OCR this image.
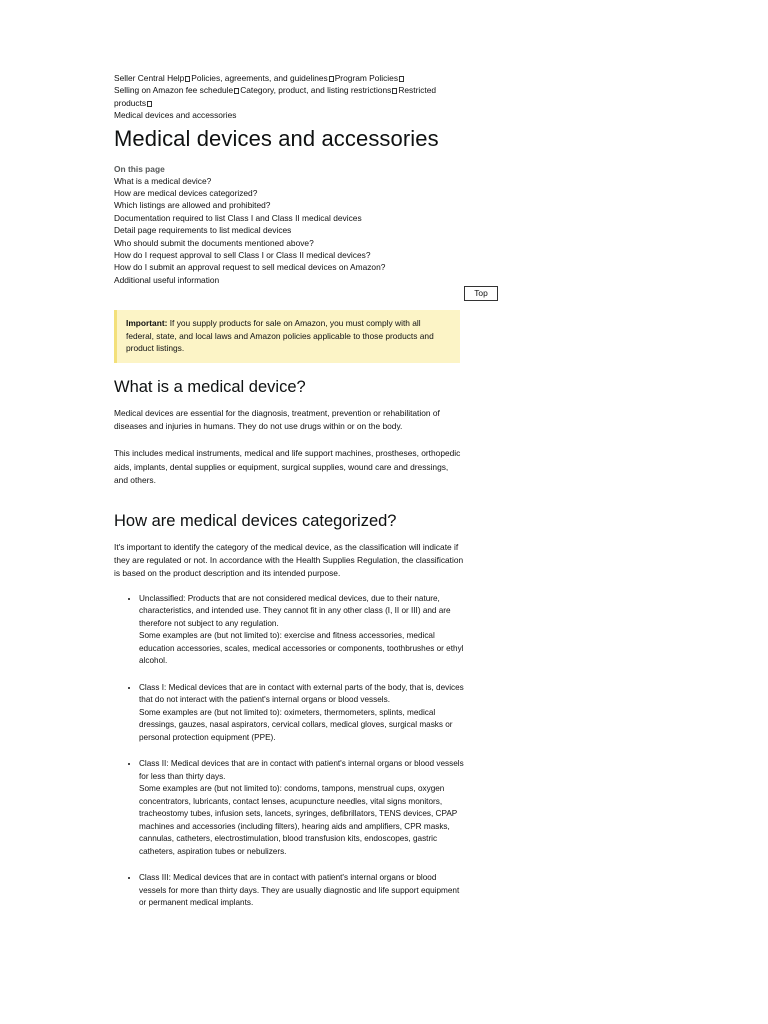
Seller Central Help Policies, agreements, and guidelines Program Policies
Selling on Amazon fee schedule Category, product, and listing restrictions Restricted products
Medical devices and accessories
Medical devices and accessories
On this page
What is a medical device?
How are medical devices categorized?
Which listings are allowed and prohibited?
Documentation required to list Class I and Class II medical devices
Detail page requirements to list medical devices
Who should submit the documents mentioned above?
How do I request approval to sell Class I or Class II medical devices?
How do I submit an approval request to sell medical devices on Amazon?
Additional useful information
Important: If you supply products for sale on Amazon, you must comply with all federal, state, and local laws and Amazon policies applicable to those products and product listings.
What is a medical device?

Medical devices are essential for the diagnosis, treatment, prevention or rehabilitation of diseases and injuries in humans. They do not use drugs within or on the body.

This includes medical instruments, medical and life support machines, prostheses, orthopedic aids, implants, dental supplies or equipment, surgical supplies, wound care and dressings, and others.

How are medical devices categorized?

It's important to identify the category of the medical device, as the classification will indicate if they are regulated or not. In accordance with the Health Supplies Regulation, the classification is based on the product description and its intended purpose.

• Unclassified: Products that are not considered medical devices, due to their nature, characteristics, and intended use. They cannot fit in any other class (I, II or III) and are therefore not subject to any regulation.
Some examples are (but not limited to): exercise and fitness accessories, medical education accessories, scales, medical accessories or components, toothbrushes or ethyl alcohol.
• Class I: Medical devices that are in contact with external parts of the body, that is, devices that do not interact with the patient's internal organs or blood vessels.
Some examples are (but not limited to): oximeters, thermometers, splints, medical dressings, gauzes, nasal aspirators, cervical collars, medical gloves, surgical masks or personal protection equipment (PPE).
• Class II: Medical devices that are in contact with patient's internal organs or blood vessels for less than thirty days.
Some examples are (but not limited to): condoms, tampons, menstrual cups, oxygen concentrators, lubricants, contact lenses, acupuncture needles, vital signs monitors, tracheostomy tubes, infusion sets, lancets, syringes, defibrillators, TENS devices, CPAP machines and accessories (including filters), hearing aids and amplifiers, CPR masks, cannulas, catheters, electrostimulation, blood transfusion kits, endoscopes, gastric catheters, aspiration tubes or nebulizers.
• Class III: Medical devices that are in contact with patient's internal organs or blood vessels for more than thirty days. They are usually diagnostic and life support equipment or permanent medical implants.
Top
